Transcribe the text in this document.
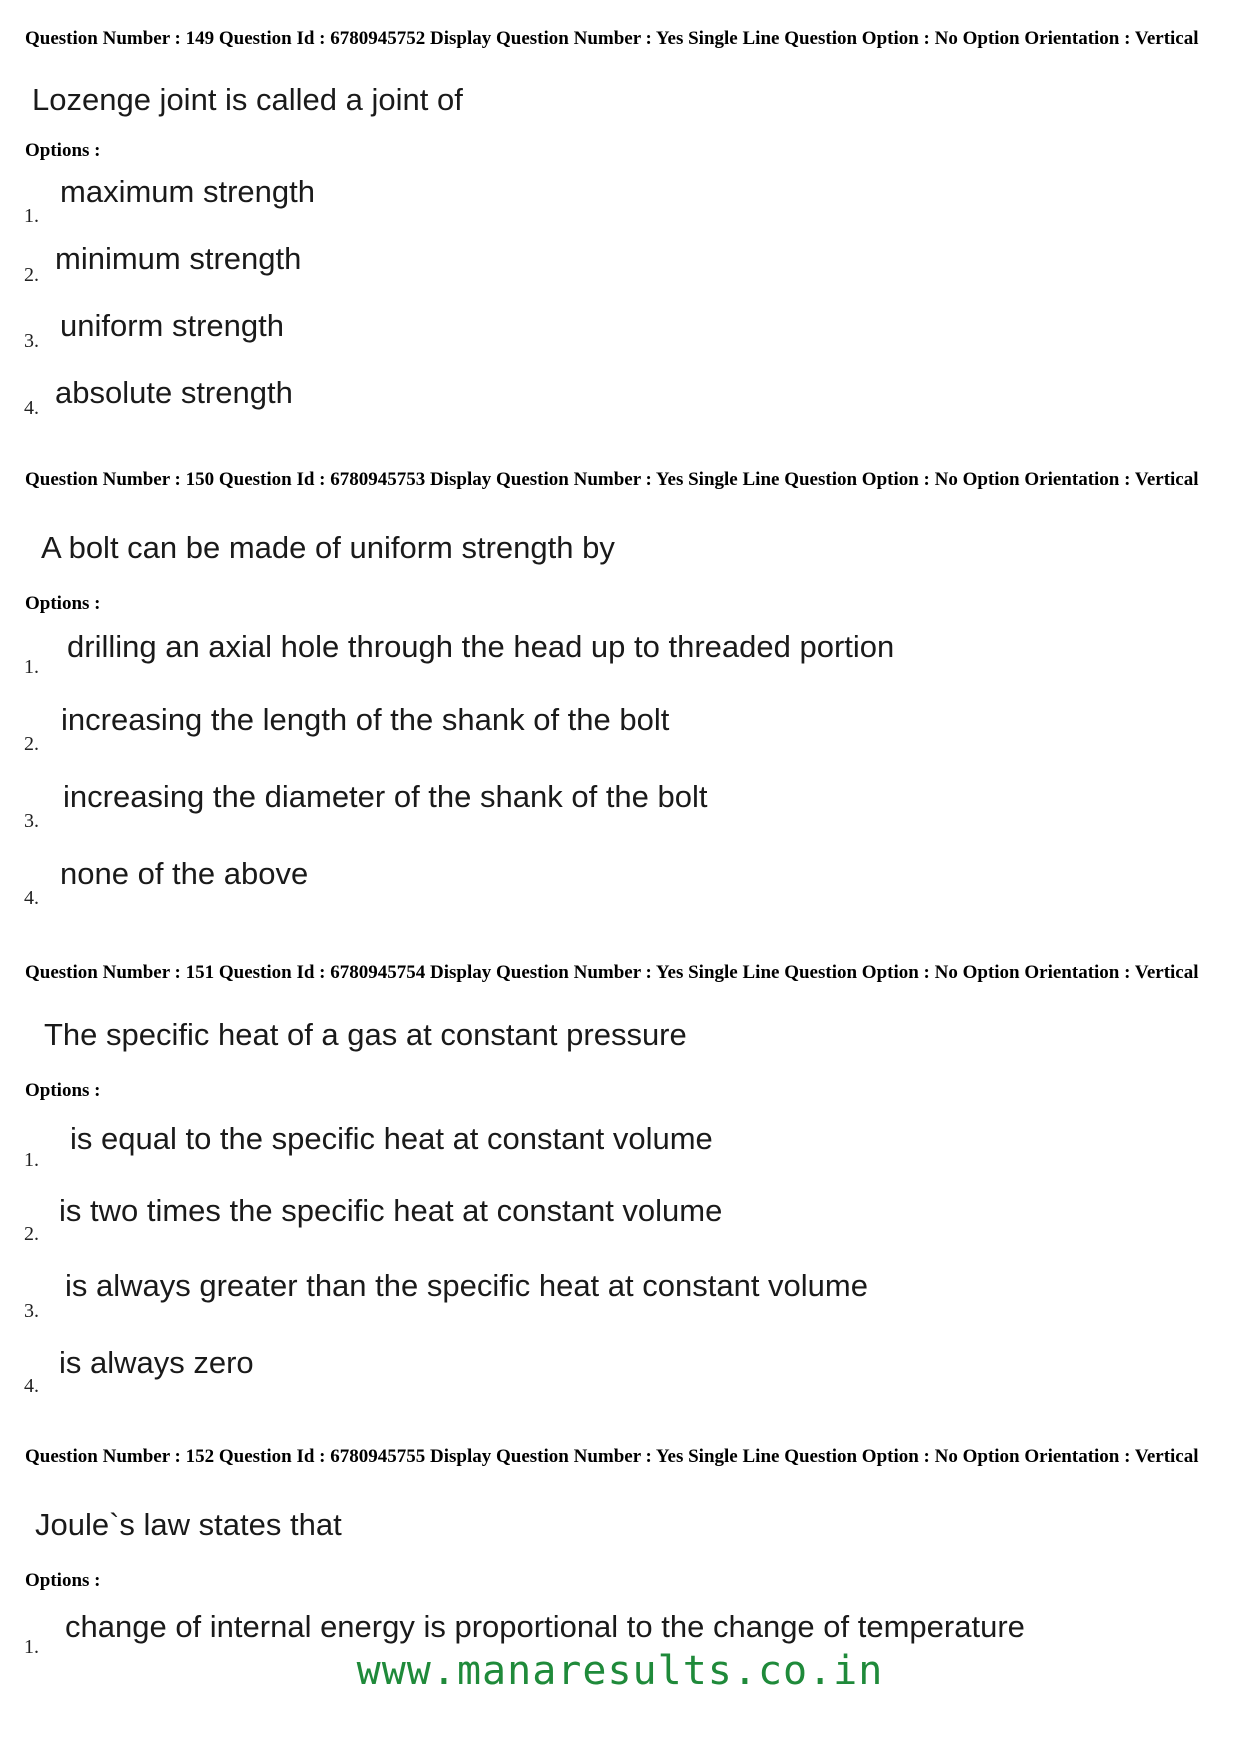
Question Number : 149 Question Id : 6780945752 Display Question Number : Yes Single Line Question Option : No Option Orientation : Vertical
Lozenge joint is called a joint of
Options :
1.
maximum strength
2. minimum strength
3. uniform strength
4. absolute strength
Question Number : 150 Question Id : 6780945753 Display Question Number : Yes Single Line Question Option : No Option Orientation : Vertical
A bolt can be made of uniform strength by
Options :
1.
drilling an axial hole through the head up to threaded portion
2.
increasing the length of the shank of the bolt
3.
increasing the diameter of the shank of the bolt
4.
none of the above
Question Number : 151 Question Id : 6780945754 Display Question Number : Yes Single Line Question Option : No Option Orientation : Vertical
The specific heat of a gas at constant pressure
Options :
1.
is equal to the specific heat at constant volume
2.
is two times the specific heat at constant volume
3.
is always greater than the specific heat at constant volume
4.
is always zero
Question Number : 152 Question Id : 6780945755 Display Question Number : Yes Single Line Question Option : No Option Orientation : Vertical
Joule`s law states that
Options :
1.
change of internal energy is proportional to the change of temperature
www.manaresults.co.in
